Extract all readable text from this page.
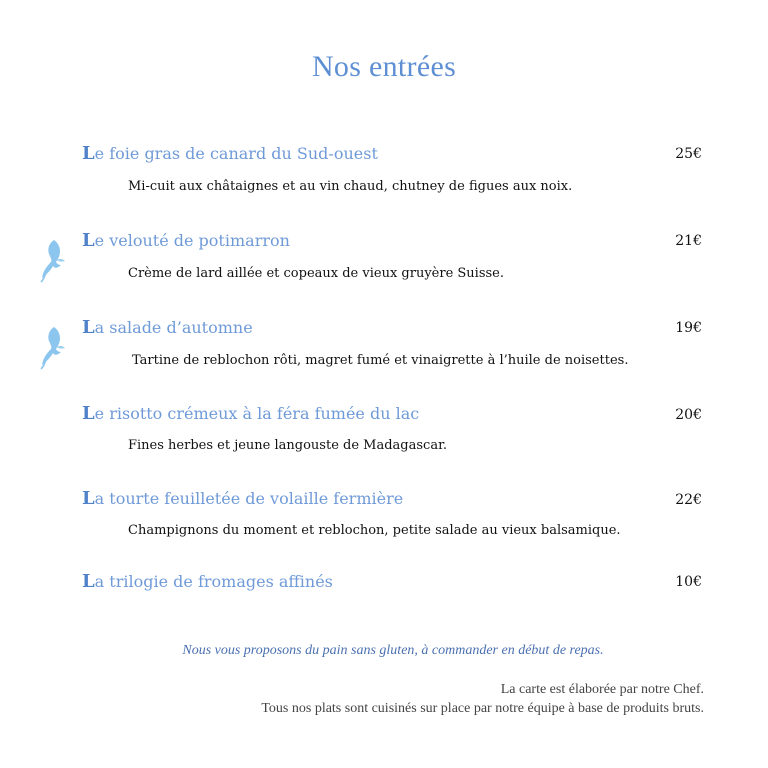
Nos entrées
Le foie gras de canard du Sud-ouest	25€
Mi-cuit aux châtaignes et au vin chaud, chutney de figues aux noix.
Le velouté de potimarron	21€
Crème de lard aillée et copeaux de vieux gruyère Suisse.
La salade d’automne	19€
Tartine de reblochon rôti, magret fumé et vinaigrette à l’huile de noisettes.
Le risotto crémeux à la féra fumée du lac	20€
Fines herbes et jeune langouste de Madagascar.
La tourte feuilletée de volaille fermière	22€
Champignons du moment et reblochon, petite salade au vieux balsamique.
La trilogie de fromages affinés	10€
Nous vous proposons du pain sans gluten, à commander en début de repas.
La carte est élaborée par notre Chef.
Tous nos plats sont cuisinés sur place par notre équipe à base de produits bruts.
